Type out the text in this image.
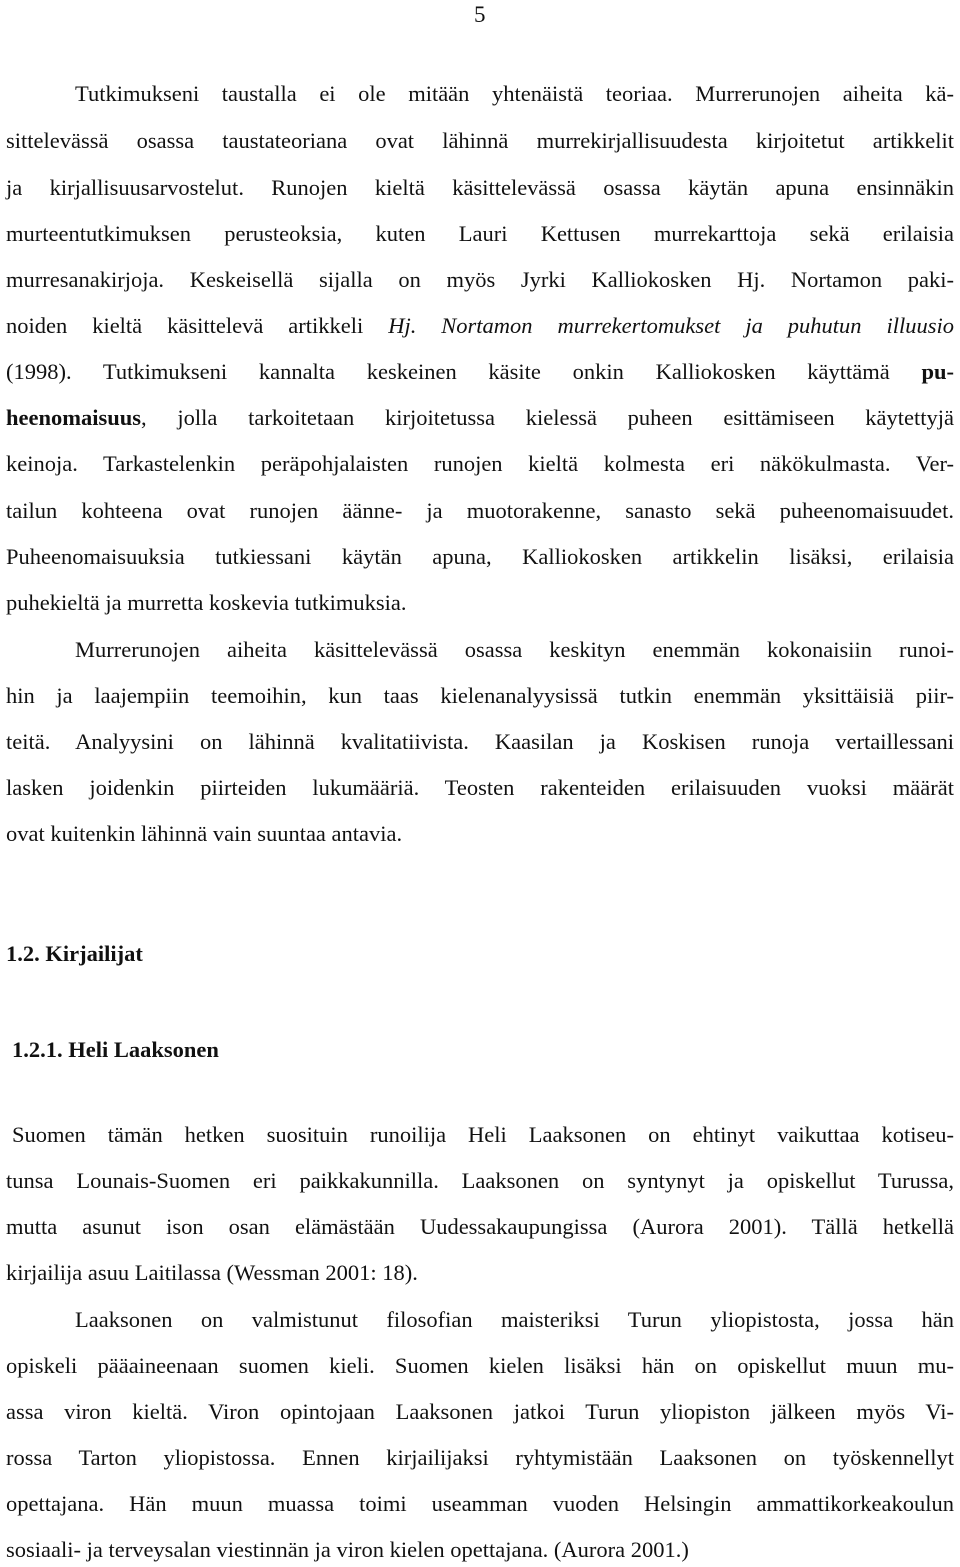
5
Tutkimukseni taustalla ei ole mitään yhtenäistä teoriaa. Murrerunojen aiheita kä-
sittelevässä osassa taustateoriana ovat lähinnä murrekirjallisuudesta kirjoitetut artikkelit
ja kirjallisuusarvostelut. Runojen kieltä käsittelevässä osassa käytän apuna ensinnäkin
murteentutkimuksen perusteoksia, kuten Lauri Kettusen murrekarttoja sekä erilaisia
murresanakirjoja. Keskeisellä sijalla on myös Jyrki Kalliokosken Hj. Nortamon paki-
noiden kieltä käsittelevä artikkeli Hj. Nortamon murrekertomukset ja puhutun illuusio
(1998). Tutkimukseni kannalta keskeinen käsite onkin Kalliokosken käyttämä pu-
heenomaisuus, jolla tarkoitetaan kirjoitetussa kielessä puheen esittämiseen käytettyjä
keinoja. Tarkastelenkin peräpohjalaisten runojen kieltä kolmesta eri näkökulmasta. Ver-
tailun kohteena ovat runojen äänne- ja muotorakenne, sanasto sekä puheenomaisuudet.
Puheenomaisuuksia tutkiessani käytän apuna, Kalliokosken artikkelin lisäksi, erilaisia
puhekieltä ja murretta koskevia tutkimuksia.
Murrerunojen aiheita käsittelevässä osassa keskityn enemmän kokonaisiin runoi-
hin ja laajempiin teemoihin, kun taas kielenanalyysissä tutkin enemmän yksittäisiä piir-
teitä. Analyysini on lähinnä kvalitatiivista. Kaasilan ja Koskisen runoja vertaillessani
lasken joidenkin piirteiden lukumääriä. Teosten rakenteiden erilaisuuden vuoksi määrät
ovat kuitenkin lähinnä vain suuntaa antavia.
1.2. Kirjailijat
1.2.1. Heli Laaksonen
Suomen tämän hetken suosituin runoilija Heli Laaksonen on ehtinyt vaikuttaa kotiseu-
tunsa Lounais-Suomen eri paikkakunnilla. Laaksonen on syntynyt ja opiskellut Turussa,
mutta asunut ison osan elämästään Uudessakaupungissa (Aurora 2001). Tällä hetkellä
kirjailija asuu Laitilassa (Wessman 2001: 18).
Laaksonen on valmistunut filosofian maisteriksi Turun yliopistosta, jossa hän
opiskeli pääaineenaan suomen kieli. Suomen kielen lisäksi hän on opiskellut muun mu-
assa viron kieltä. Viron opintojaan Laaksonen jatkoi Turun yliopiston jälkeen myös Vi-
rossa Tarton yliopistossa. Ennen kirjailijaksi ryhtymistään Laaksonen on työskennellyt
opettajana. Hän muun muassa toimi useamman vuoden Helsingin ammattikorkeakoulun
sosiaali- ja terveysalan viestinnän ja viron kielen opettajana. (Aurora 2001.)
